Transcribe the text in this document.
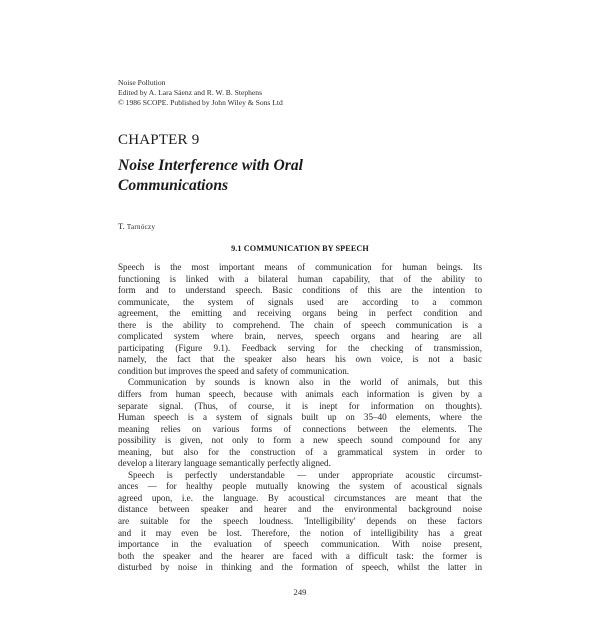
Noise Pollution
Edited by A. Lara Sáenz and R. W. B. Stephens
© 1986 SCOPE. Published by John Wiley & Sons Ltd
CHAPTER 9
Noise Interference with Oral
Communications
T. Tarnóczy
9.1 COMMUNICATION BY SPEECH
Speech is the most important means of communication for human beings. Its
functioning is linked with a bilateral human capability, that of the ability to
form and to understand speech. Basic conditions of this are the intention to
communicate, the system of signals used are according to a common
agreement, the emitting and receiving organs being in perfect condition and
there is the ability to comprehend. The chain of speech communication is a
complicated system where brain, nerves, speech organs and hearing are all
participating (Figure 9.1). Feedback serving for the checking of transmission,
namely, the fact that the speaker also hears his own voice, is not a basic
condition but improves the speed and safety of communication.
Communication by sounds is known also in the world of animals, but this
differs from human speech, because with animals each information is given by a
separate signal. (Thus, of course, it is inept for information on thoughts).
Human speech is a system of signals built up on 35–40 elements, where the
meaning relies on various forms of connections between the elements. The
possibility is given, not only to form a new speech sound compound for any
meaning, but also for the construction of a grammatical system in order to
develop a literary language semantically perfectly aligned.
Speech is perfectly understandable — under appropriate acoustic circumst-
ances — for healthy people mutually knowing the system of acoustical signals
agreed upon, i.e. the language. By acoustical circumstances are meant that the
distance between speaker and hearer and the environmental background noise
are suitable for the speech loudness. 'Intelligibility' depends on these factors
and it may even be lost. Therefore, the notion of intelligibility has a great
importance in the evaluation of speech communication. With noise present,
both the speaker and the hearer are faced with a difficult task: the former is
disturbed by noise in thinking and the formation of speech, whilst the latter in
249
